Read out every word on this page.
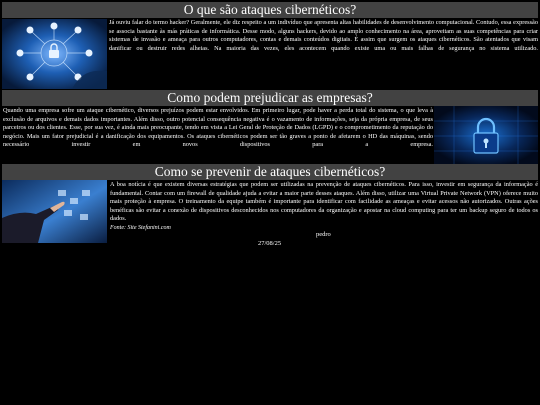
O que são ataques cibernéticos?
Já ouviu falar do termo hacker? Geralmente, ele diz respeito a um indivíduo que apresenta altas habilidades de desenvolvimento computacional. Contudo, essa expressão se associa bastante às más práticas de informática. Desse modo, alguns hackers, devido ao amplo conhecimento na área, aproveitam as suas competências para criar sistemas de invasão e ameaça para outros computadores, contas e demais conteúdos digitais. É assim que surgem os ataques cibernéticos. São atentados que visam danificar ou destruir redes alheias. Na maioria das vezes, eles acontecem quando existe uma ou mais falhas de segurança no sistema utilizado.
Como podem prejudicar as empresas?
Quando uma empresa sofre um ataque cibernético, diversos prejuízos podem estar envolvidos. Em primeiro lugar, pode haver a perda total do sistema, o que leva à exclusão de arquivos e demais dados importantes. Além disso, outro potencial consequência negativa é o vazamento de informações, seja da própria empresa, de seus parceiros ou dos clientes. Esse, por sua vez, é ainda mais preocupante, tendo em vista a Lei Geral de Proteção de Dados (LGPD) e o comprometimento da reputação do negócio. Mais um fator prejudicial é a danificação dos equipamentos. Os ataques cibernéticos podem ser tão graves a ponto de afetarem o HD das máquinas, sendo necessário investir em novos dispositivos para a empresa.
Como se prevenir de ataques cibernéticos?
A boa notícia é que existem diversas estratégias que podem ser utilizadas na prevenção de ataques cibernéticos. Para isso, investir em segurança da informação é fundamental. Contar com um firewall de qualidade ajuda a evitar a maior parte desses ataques. Além disso, utilizar uma Virtual Private Network (VPN) oferece muito mais proteção à empresa. O treinamento da equipe também é importante para identificar com facilidade as ameaças e evitar acessos não autorizados. Outras ações benéficas são evitar a conexão de dispositivos desconhecidos nos computadores da organização e apostar na cloud computing para ter um backup seguro de todos os dados.
Fonte: Site Stefanini.com
pedro
27/08/25
